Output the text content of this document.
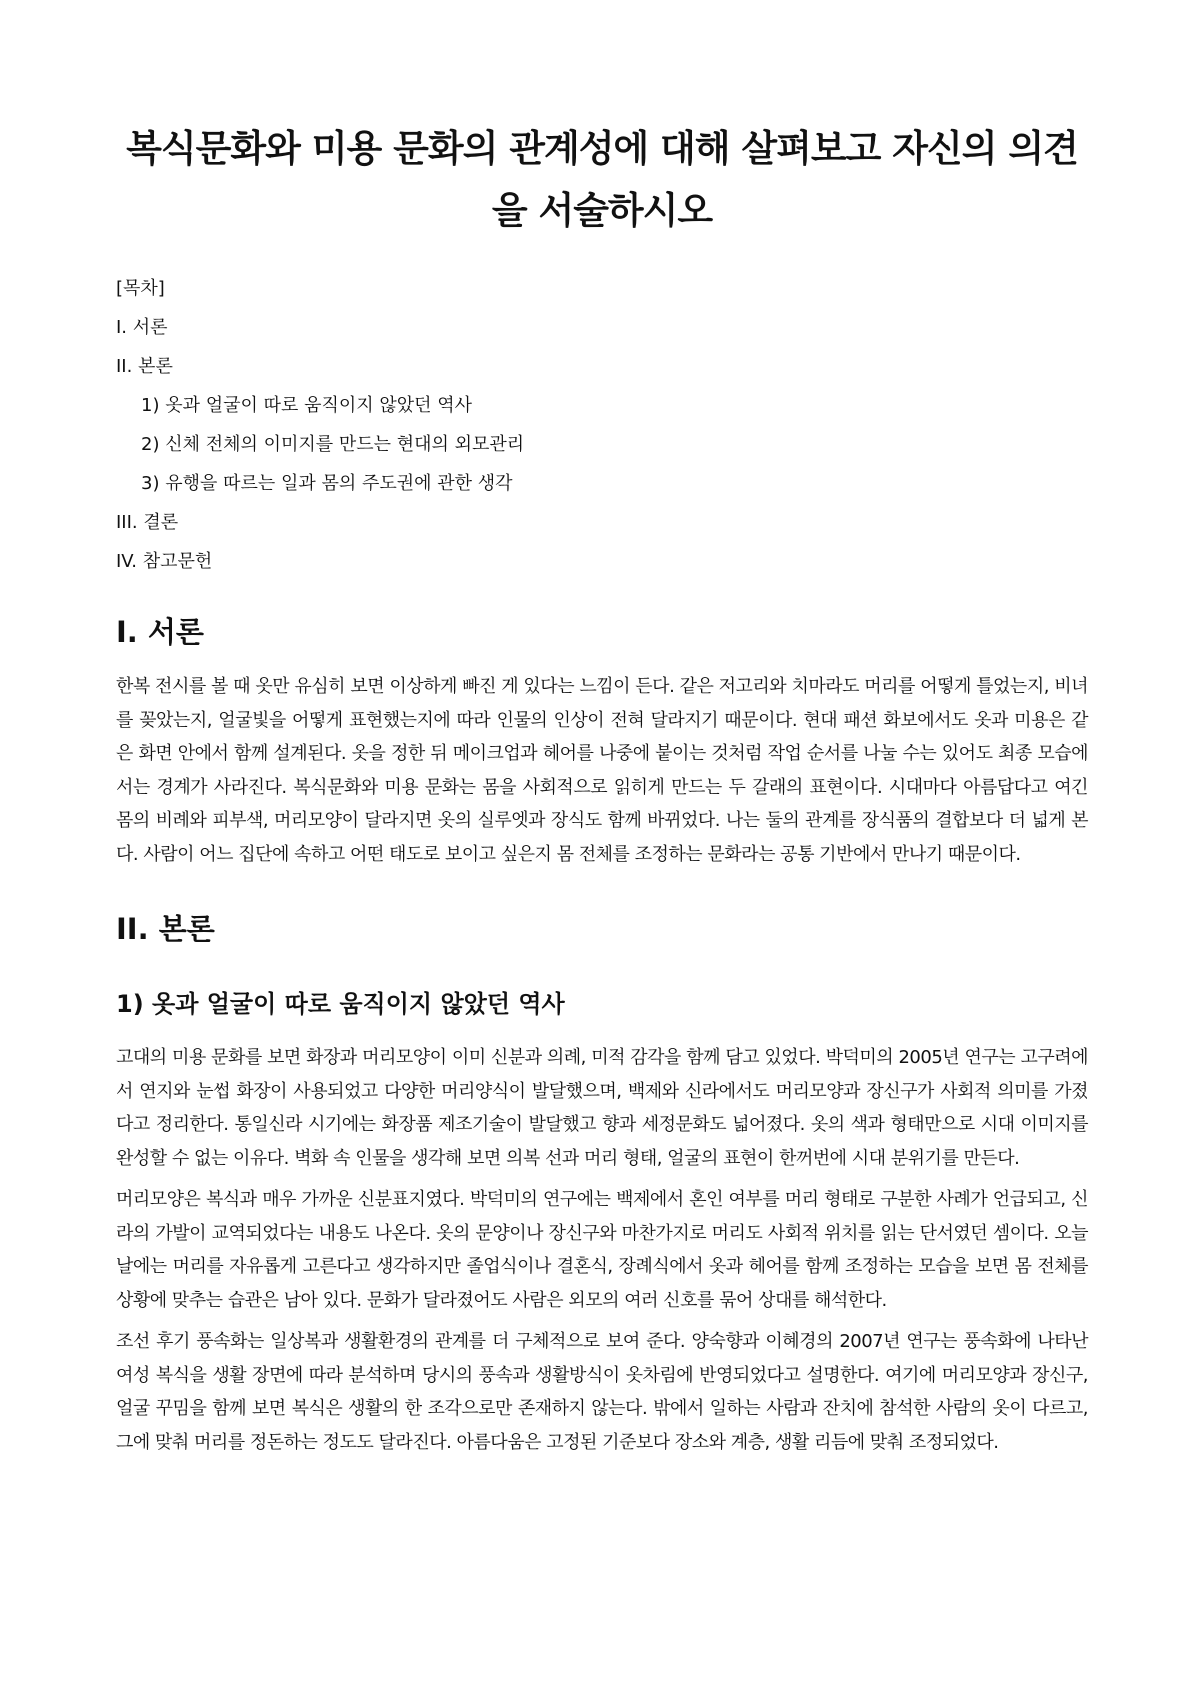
복식문화와 미용 문화의 관계성에 대해 살펴보고 자신의 의견을 서술하시오
[목차]
I. 서론
II. 본론
1) 옷과 얼굴이 따로 움직이지 않았던 역사
2) 신체 전체의 이미지를 만드는 현대의 외모관리
3) 유행을 따르는 일과 몸의 주도권에 관한 생각
III. 결론
IV. 참고문헌
I. 서론

한복 전시를 볼 때 옷만 유심히 보면 이상하게 빠진 게 있다는 느낌이 든다. 같은 저고리와 치마라도 머리를 어떻게 틀었는지, 비녀를 꽂았는지, 얼굴빛을 어떻게 표현했는지에 따라 인물의 인상이 전혀 달라지기 때문이다. 현대 패션 화보에서도 옷과 미용은 같은 화면 안에서 함께 설계된다. 옷을 정한 뒤 메이크업과 헤어를 나중에 붙이는 것처럼 작업 순서를 나눌 수는 있어도 최종 모습에서는 경계가 사라진다. 복식문화와 미용 문화는 몸을 사회적으로 읽히게 만드는 두 갈래의 표현이다. 시대마다 아름답다고 여긴 몸의 비례와 피부색, 머리모양이 달라지면 옷의 실루엣과 장식도 함께 바뀌었다. 나는 둘의 관계를 장식품의 결합보다 더 넓게 본다. 사람이 어느 집단에 속하고 어떤 태도로 보이고 싶은지 몸 전체를 조정하는 문화라는 공통 기반에서 만나기 때문이다.

II. 본론
1) 옷과 얼굴이 따로 움직이지 않았던 역사

고대의 미용 문화를 보면 화장과 머리모양이 이미 신분과 의례, 미적 감각을 함께 담고 있었다. 박덕미의 2005년 연구는 고구려에서 연지와 눈썹 화장이 사용되었고 다양한 머리양식이 발달했으며, 백제와 신라에서도 머리모양과 장신구가 사회적 의미를 가졌다고 정리한다. 통일신라 시기에는 화장품 제조기술이 발달했고 향과 세정문화도 넓어졌다. 옷의 색과 형태만으로 시대 이미지를 완성할 수 없는 이유다. 벽화 속 인물을 생각해 보면 의복 선과 머리 형태, 얼굴의 표현이 한꺼번에 시대 분위기를 만든다.

머리모양은 복식과 매우 가까운 신분표지였다. 박덕미의 연구에는 백제에서 혼인 여부를 머리 형태로 구분한 사례가 언급되고, 신라의 가발이 교역되었다는 내용도 나온다. 옷의 문양이나 장신구와 마찬가지로 머리도 사회적 위치를 읽는 단서였던 셈이다. 오늘날에는 머리를 자유롭게 고른다고 생각하지만 졸업식이나 결혼식, 장례식에서 옷과 헤어를 함께 조정하는 모습을 보면 몸 전체를 상황에 맞추는 습관은 남아 있다. 문화가 달라졌어도 사람은 외모의 여러 신호를 묶어 상대를 해석한다.

조선 후기 풍속화는 일상복과 생활환경의 관계를 더 구체적으로 보여 준다. 양숙향과 이혜경의 2007년 연구는 풍속화에 나타난 여성 복식을 생활 장면에 따라 분석하며 당시의 풍속과 생활방식이 옷차림에 반영되었다고 설명한다. 여기에 머리모양과 장신구, 얼굴 꾸밈을 함께 보면 복식은 생활의 한 조각으로만 존재하지 않는다. 밖에서 일하는 사람과 잔치에 참석한 사람의 옷이 다르고, 그에 맞춰 머리를 정돈하는 정도도 달라진다. 아름다움은 고정된 기준보다 장소와 계층, 생활 리듬에 맞춰 조정되었다.
